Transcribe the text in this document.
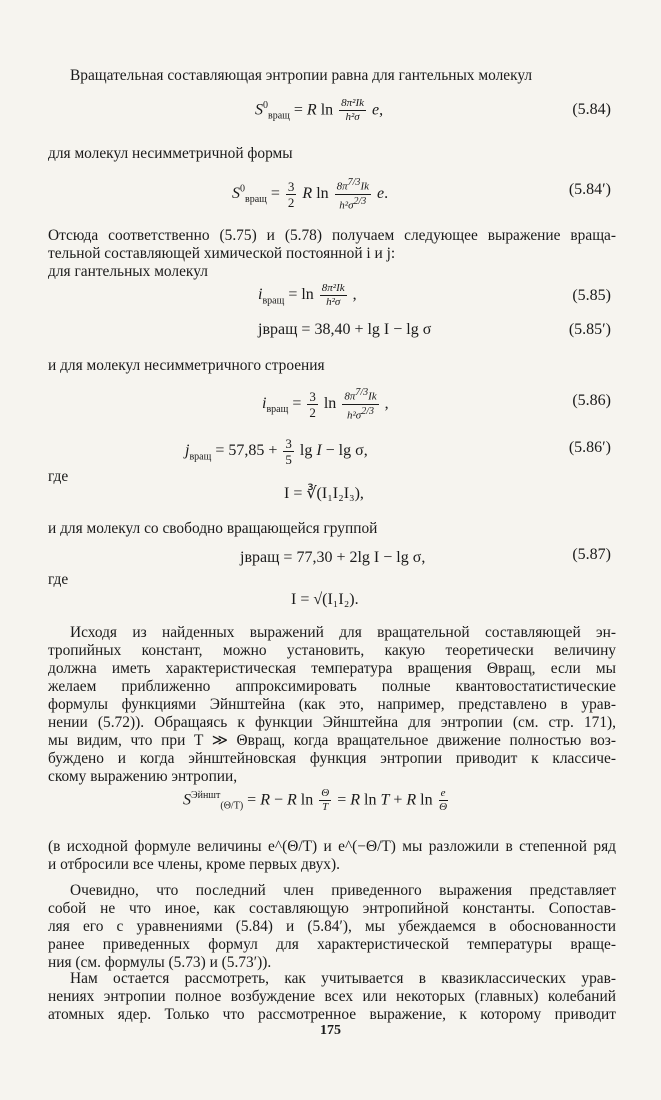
Вращательная составляющая энтропии равна для гантельных молекул
$S^0_{вращ} = R$ $\ln \frac{\text{8π²Ik}}{\text{h²σ}} e$,	(5.84)
для молекул несимметричной формы
$S^0_{вращ} = \frac{3}{2}$ R $\ln \frac{8\pi^{7/3}Ik}{h^2\sigma^{2/3}} e$.	(5.84′)
Отсюда соответственно (5.75) и (5.78) получаем следующее выражение враща-
тельной составляющей химической постоянной i и j:
для гантельных молекул
$i_{вращ} = \ln \frac{\text{8π²Ik}}{\text{h²σ}}$ ,	(5.85)
jвращ = 38,40 + lg I − lg σ	(5.85′)
и для молекул несимметричного строения
$i_{вращ} = \frac{3}{2}$ $\ln \frac{8\pi^{7/3}Ik}{h^2\sigma^{2/3}}$ ,	(5.86)
$j_{вращ} = 57,85 + \frac{3}{5}$ lg I − lg σ,	(5.86′)
где
I = ∛(I₁I₂I₃),
и для молекул со свободно вращающейся группой
jвращ = 77,30 + 2lg I − lg σ,	(5.87)
где
I = √(I₁I₂).
Исходя из найденных выражений для вращательной составляющей эн-
тропийных констант, можно установить, какую теоретически величину
должна иметь характеристическая температура вращения Θвращ, если мы
желаем приближенно аппроксимировать полные квантовостатистические
формулы функциями Эйнштейна (как это, например, представлено в урав-
нении (5.72)). Обращаясь к функции Эйнштейна для энтропии (см. стр. 171),
мы видим, что при T ≫ Θвращ, когда вращательное движение полностью воз-
буждено и когда эйнштейновская функция энтропии приводит к классиче-
скому выражению энтропии,
$S^{Эйншт}_{(\Theta/T)} = R - R$ $\ln \frac{\Theta}{T} = R$ ln T + R $\ln \frac{e}{\Theta}$
(в исходной формуле величины e^(Θ/T) и e^(−Θ/T) мы разложили в степенной ряд
и отбросили все члены, кроме первых двух).
Очевидно, что последний член приведенного выражения представляет
собой не что иное, как составляющую энтропийной константы. Сопостав-
ляя его с уравнениями (5.84) и (5.84′), мы убеждаемся в обоснованности
ранее приведенных формул для характеристической температуры враще-
ния (см. формулы (5.73) и (5.73′)).
Нам остается рассмотреть, как учитывается в квазиклассических урав-
нениях энтропии полное возбуждение всех или некоторых (главных) колебаний
атомных ядер. Только что рассмотренное выражение, к которому приводит
175
